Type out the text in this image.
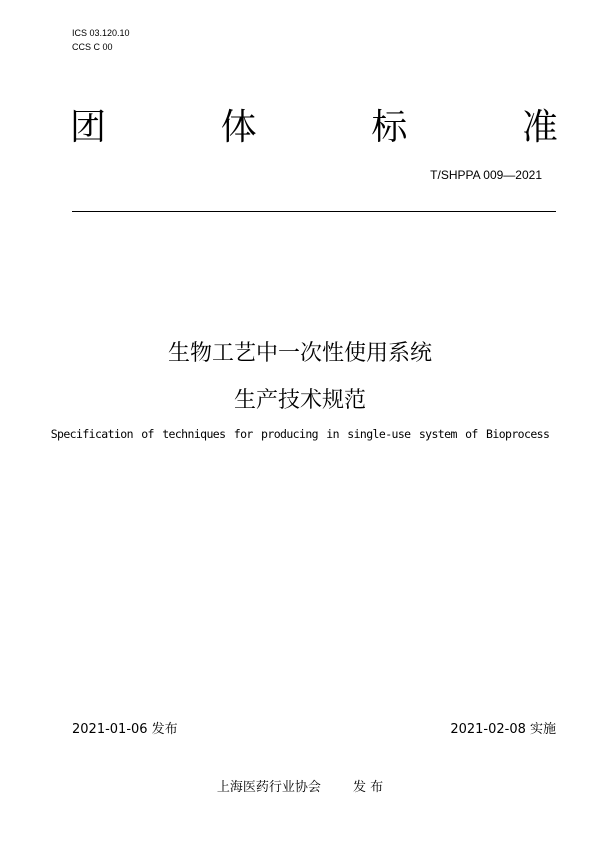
ICS 03.120.10
CCS C 00
团	体	标	准
T/SHPPA 009—2021
生物工艺中一次性使用系统
生产技术规范
Specification of techniques for producing in single-use system of Bioprocess
2021-01-06 发布	2021-02-08 实施
上海医药行业协会 发 布
